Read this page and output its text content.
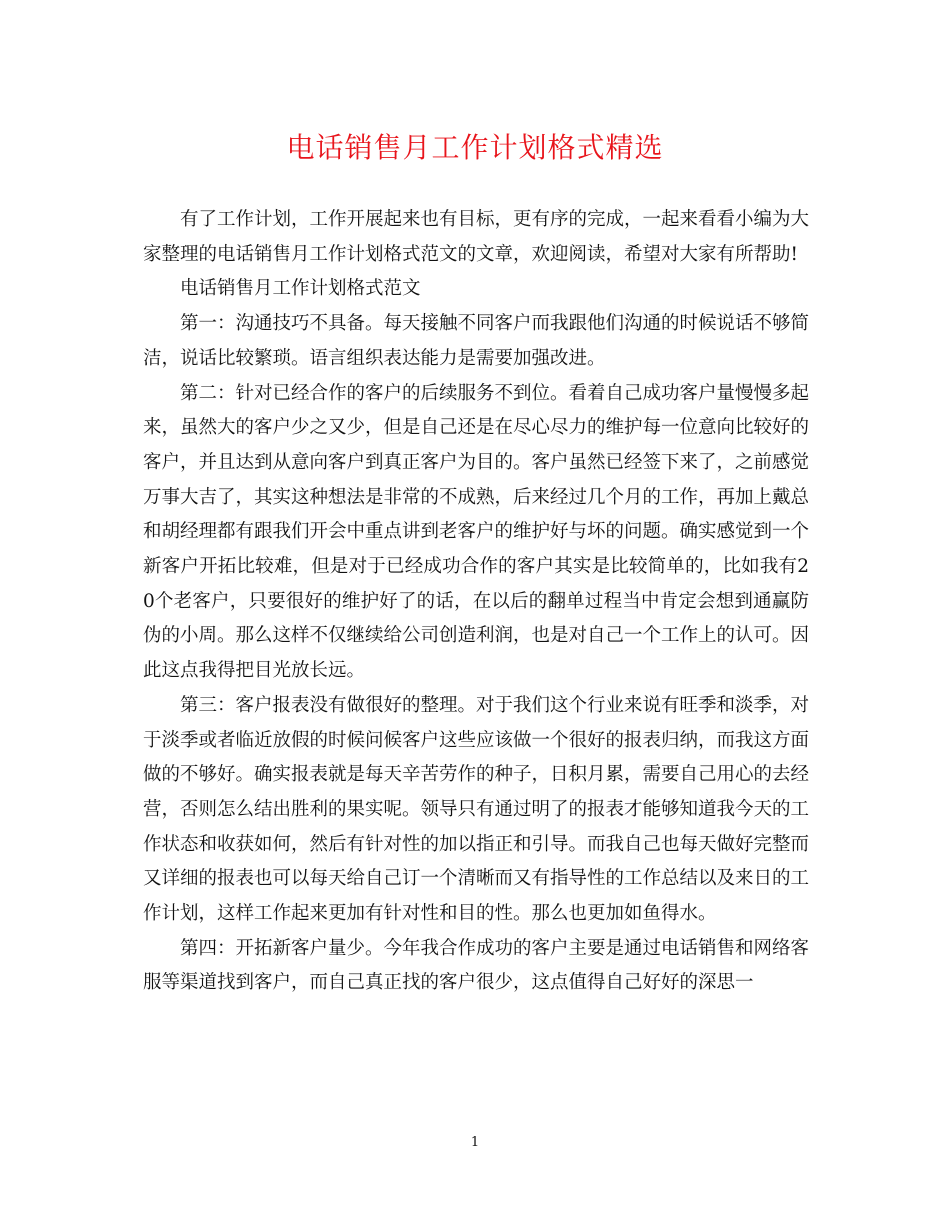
电话销售月工作计划格式精选

有了工作计划，工作开展起来也有目标，更有序的完成，一起来看看小编为大家整理的电话销售月工作计划格式范文的文章，欢迎阅读，希望对大家有所帮助!

电话销售月工作计划格式范文

第一：沟通技巧不具备。每天接触不同客户而我跟他们沟通的时候说话不够简洁，说话比较繁琐。语言组织表达能力是需要加强改进。

第二：针对已经合作的客户的后续服务不到位。看着自己成功客户量慢慢多起来，虽然大的客户少之又少，但是自己还是在尽心尽力的维护每一位意向比较好的客户，并且达到从意向客户到真正客户为目的。客户虽然已经签下来了，之前感觉万事大吉了，其实这种想法是非常的不成熟，后来经过几个月的工作，再加上戴总和胡经理都有跟我们开会中重点讲到老客户的维护好与坏的问题。确实感觉到一个新客户开拓比较难，但是对于已经成功合作的客户其实是比较简单的，比如我有20个老客户，只要很好的维护好了的话，在以后的翻单过程当中肯定会想到通赢防伪的小周。那么这样不仅继续给公司创造利润，也是对自己一个工作上的认可。因此这点我得把目光放长远。

第三：客户报表没有做很好的整理。对于我们这个行业来说有旺季和淡季，对于淡季或者临近放假的时候问候客户这些应该做一个很好的报表归纳，而我这方面做的不够好。确实报表就是每天辛苦劳作的种子，日积月累，需要自己用心的去经营，否则怎么结出胜利的果实呢。领导只有通过明了的报表才能够知道我今天的工作状态和收获如何，然后有针对性的加以指正和引导。而我自己也每天做好完整而又详细的报表也可以每天给自己订一个清晰而又有指导性的工作总结以及来日的工作计划，这样工作起来更加有针对性和目的性。那么也更加如鱼得水。

第四：开拓新客户量少。今年我合作成功的客户主要是通过电话销售和网络客服等渠道找到客户，而自己真正找的客户很少，这点值得自己好好的深思一

1
